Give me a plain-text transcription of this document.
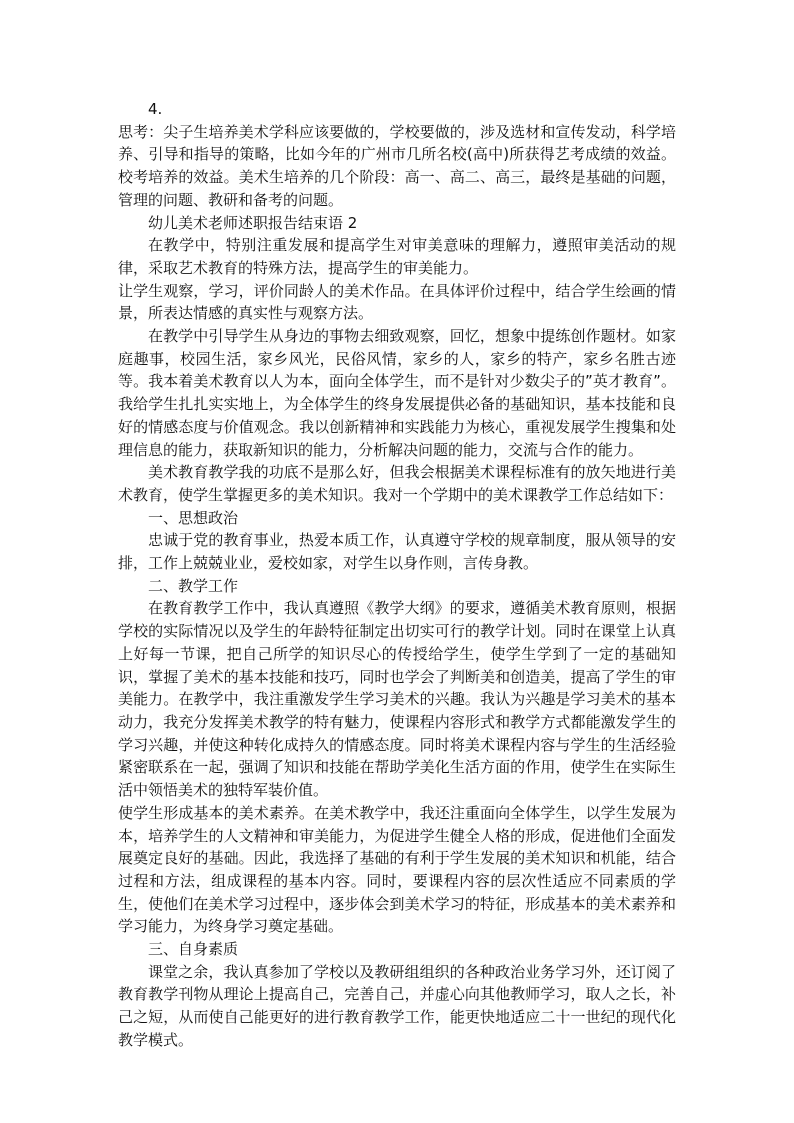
4.

思考：尖子生培养美术学科应该要做的，学校要做的，涉及选材和宣传发动，科学培养、引导和指导的策略，比如今年的广州市几所名校(高中)所获得艺考成绩的效益。校考培养的效益。美术生培养的几个阶段：高一、高二、高三，最终是基础的问题，管理的问题、教研和备考的问题。

幼儿美术老师述职报告结束语 2

在教学中，特别注重发展和提高学生对审美意味的理解力，遵照审美活动的规律，采取艺术教育的特殊方法，提高学生的审美能力。

让学生观察，学习，评价同龄人的美术作品。在具体评价过程中，结合学生绘画的情景，所表达情感的真实性与观察方法。

在教学中引导学生从身边的事物去细致观察，回忆，想象中提练创作题材。如家庭趣事，校园生活，家乡风光，民俗风情，家乡的人，家乡的特产，家乡名胜古迹等。我本着美术教育以人为本，面向全体学生，而不是针对少数尖子的”英才教育”。我给学生扎扎实实地上，为全体学生的终身发展提供必备的基础知识，基本技能和良好的情感态度与价值观念。我以创新精神和实践能力为核心，重视发展学生搜集和处理信息的能力，获取新知识的能力，分析解决问题的能力，交流与合作的能力。

美术教育教学我的功底不是那么好，但我会根据美术课程标准有的放矢地进行美术教育，使学生掌握更多的美术知识。我对一个学期中的美术课教学工作总结如下：

一、思想政治

忠诚于党的教育事业，热爱本质工作，认真遵守学校的规章制度，服从领导的安排，工作上兢兢业业，爱校如家，对学生以身作则，言传身教。

二、教学工作

在教育教学工作中，我认真遵照《教学大纲》的要求，遵循美术教育原则，根据学校的实际情况以及学生的年龄特征制定出切实可行的教学计划。同时在课堂上认真上好每一节课，把自己所学的知识尽心的传授给学生，使学生学到了一定的基础知识，掌握了美术的基本技能和技巧，同时也学会了判断美和创造美，提高了学生的审美能力。在教学中，我注重激发学生学习美术的兴趣。我认为兴趣是学习美术的基本动力，我充分发挥美术教学的特有魅力，使课程内容形式和教学方式都能激发学生的学习兴趣，并使这种转化成持久的情感态度。同时将美术课程内容与学生的生活经验紧密联系在一起，强调了知识和技能在帮助学美化生活方面的作用，使学生在实际生活中领悟美术的独特军装价值。

使学生形成基本的美术素养。在美术教学中，我还注重面向全体学生，以学生发展为本，培养学生的人文精神和审美能力，为促进学生健全人格的形成，促进他们全面发展奠定良好的基础。因此，我选择了基础的有利于学生发展的美术知识和机能，结合过程和方法，组成课程的基本内容。同时，要课程内容的层次性适应不同素质的学生，使他们在美术学习过程中，逐步体会到美术学习的特征，形成基本的美术素养和学习能力，为终身学习奠定基础。

三、自身素质

课堂之余，我认真参加了学校以及教研组组织的各种政治业务学习外，还订阅了教育教学刊物从理论上提高自己，完善自己，并虚心向其他教师学习，取人之长，补己之短，从而使自己能更好的进行教育教学工作，能更快地适应二十一世纪的现代化教学模式。
